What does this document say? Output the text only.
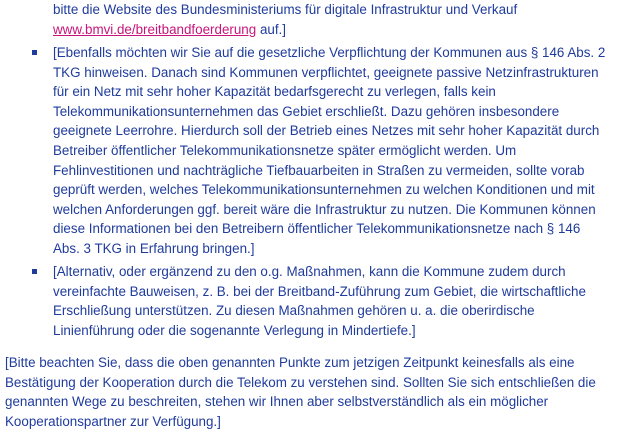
bitte die Website des Bundesministeriums für digitale Infrastruktur und Verkauf
www.bmvi.de/breitbandfoerderung auf.]
[Ebenfalls möchten wir Sie auf die gesetzliche Verpflichtung der Kommunen aus § 146 Abs. 2
TKG hinweisen. Danach sind Kommunen verpflichtet, geeignete passive Netzinfrastrukturen
für ein Netz mit sehr hoher Kapazität bedarfsgerecht zu verlegen, falls kein
Telekommunikationsunternehmen das Gebiet erschließt. Dazu gehören insbesondere
geeignete Leerrohre. Hierdurch soll der Betrieb eines Netzes mit sehr hoher Kapazität durch
Betreiber öffentlicher Telekommunikationsnetze später ermöglicht werden. Um
Fehlinvestitionen und nachträgliche Tiefbauarbeiten in Straßen zu vermeiden, sollte vorab
geprüft werden, welches Telekommunikationsunternehmen zu welchen Konditionen und mit
welchen Anforderungen ggf. bereit wäre die Infrastruktur zu nutzen. Die Kommunen können
diese Informationen bei den Betreibern öffentlicher Telekommunikationsnetze nach § 146
Abs. 3 TKG in Erfahrung bringen.]
[Alternativ, oder ergänzend zu den o.g. Maßnahmen, kann die Kommune zudem durch
vereinfachte Bauweisen, z. B. bei der Breitband-Zuführung zum Gebiet, die wirtschaftliche
Erschließung unterstützen. Zu diesen Maßnahmen gehören u. a. die oberirdische
Linienführung oder die sogenannte Verlegung in Mindertiefe.]
[Bitte beachten Sie, dass die oben genannten Punkte zum jetzigen Zeitpunkt keinesfalls als eine
Bestätigung der Kooperation durch die Telekom zu verstehen sind. Sollten Sie sich entschließen die
genannten Wege zu beschreiten, stehen wir Ihnen aber selbstverständlich als ein möglicher
Kooperationspartner zur Verfügung.]
